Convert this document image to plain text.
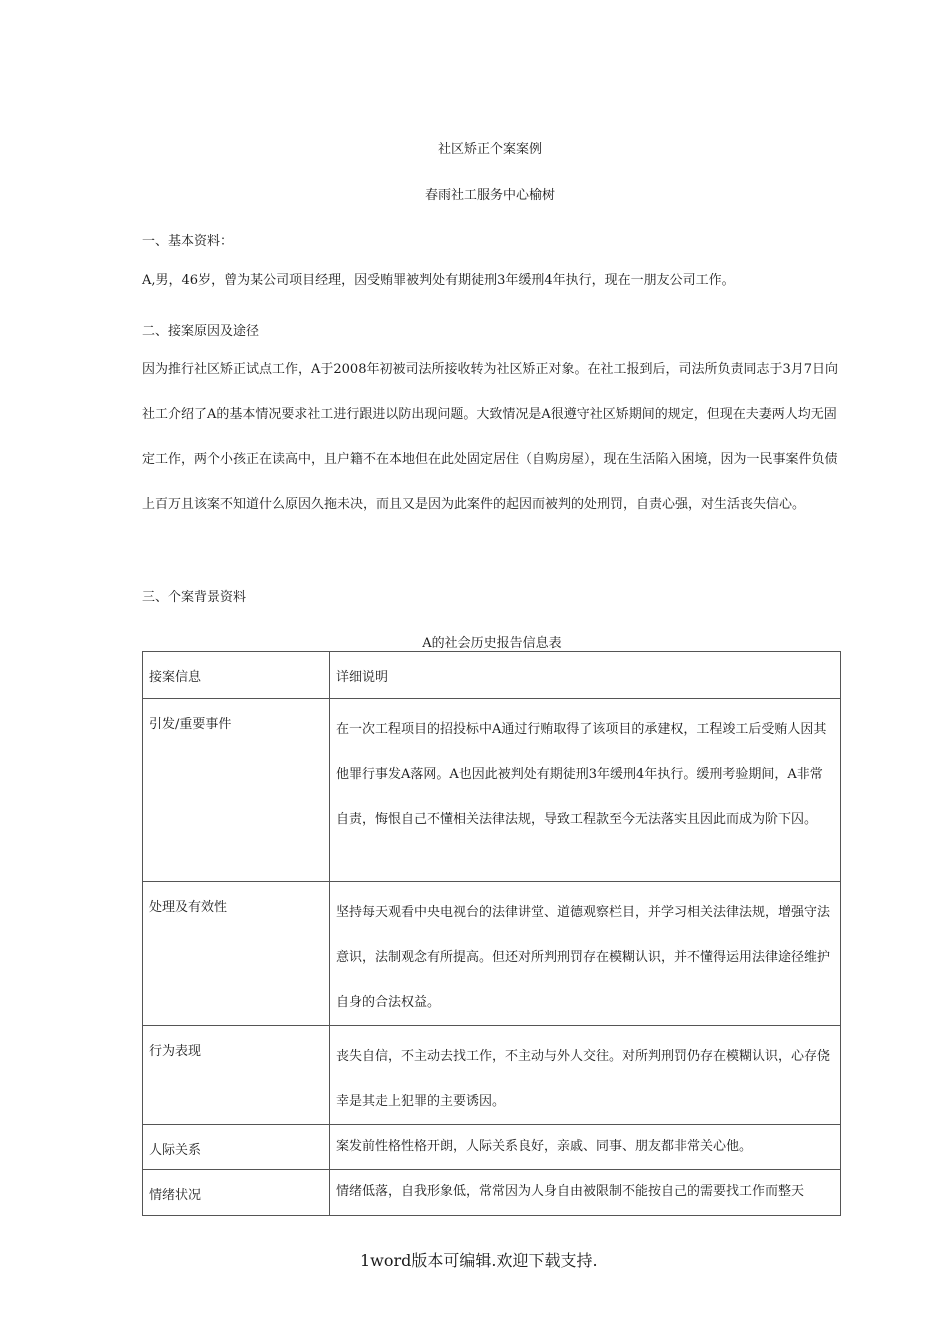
社区矫正个案案例

春雨社工服务中心榆树

一、基本资料：

A,男，46岁，曾为某公司项目经理，因受贿罪被判处有期徒刑3年缓刑4年执行，现在一朋友公司工作。

二、接案原因及途径

因为推行社区矫正试点工作，A于2008年初被司法所接收转为社区矫正对象。在社工报到后，司法所负责同志于3月7日向社工介绍了A的基本情况要求社工进行跟进以防出现问题。大致情况是A很遵守社区矫期间的规定，但现在夫妻两人均无固定工作，两个小孩正在读高中，且户籍不在本地但在此处固定居住（自购房屋），现在生活陷入困境，因为一民事案件负债上百万且该案不知道什么原因久拖未决，而且又是因为此案件的起因而被判的处刑罚，自责心强，对生活丧失信心。

三、个案背景资料

A的社会历史报告信息表

接案信息	详细说明
引发/重要事件	在一次工程项目的招投标中A通过行贿取得了该项目的承建权，工程竣工后受贿人因其他罪行事发A落网。A也因此被判处有期徒刑3年缓刑4年执行。缓刑考验期间，A非常自责，悔恨自己不懂相关法律法规，导致工程款至今无法落实且因此而成为阶下囚。

处理及有效性	坚持每天观看中央电视台的法律讲堂、道德观察栏目，并学习相关法律法规，增强守法意识，法制观念有所提高。但还对所判刑罚存在模糊认识，并不懂得运用法律途径维护自身的合法权益。

行为表现	丧失自信，不主动去找工作，不主动与外人交往。对所判刑罚仍存在模糊认识，心存侥幸是其走上犯罪的主要诱因。

人际关系	案发前性格性格开朗，人际关系良好，亲戚、同事、朋友都非常关心他。

情绪状况	情绪低落，自我形象低，常常因为人身自由被限制不能按自己的需要找工作而整天

1word版本可编辑.欢迎下载支持.
